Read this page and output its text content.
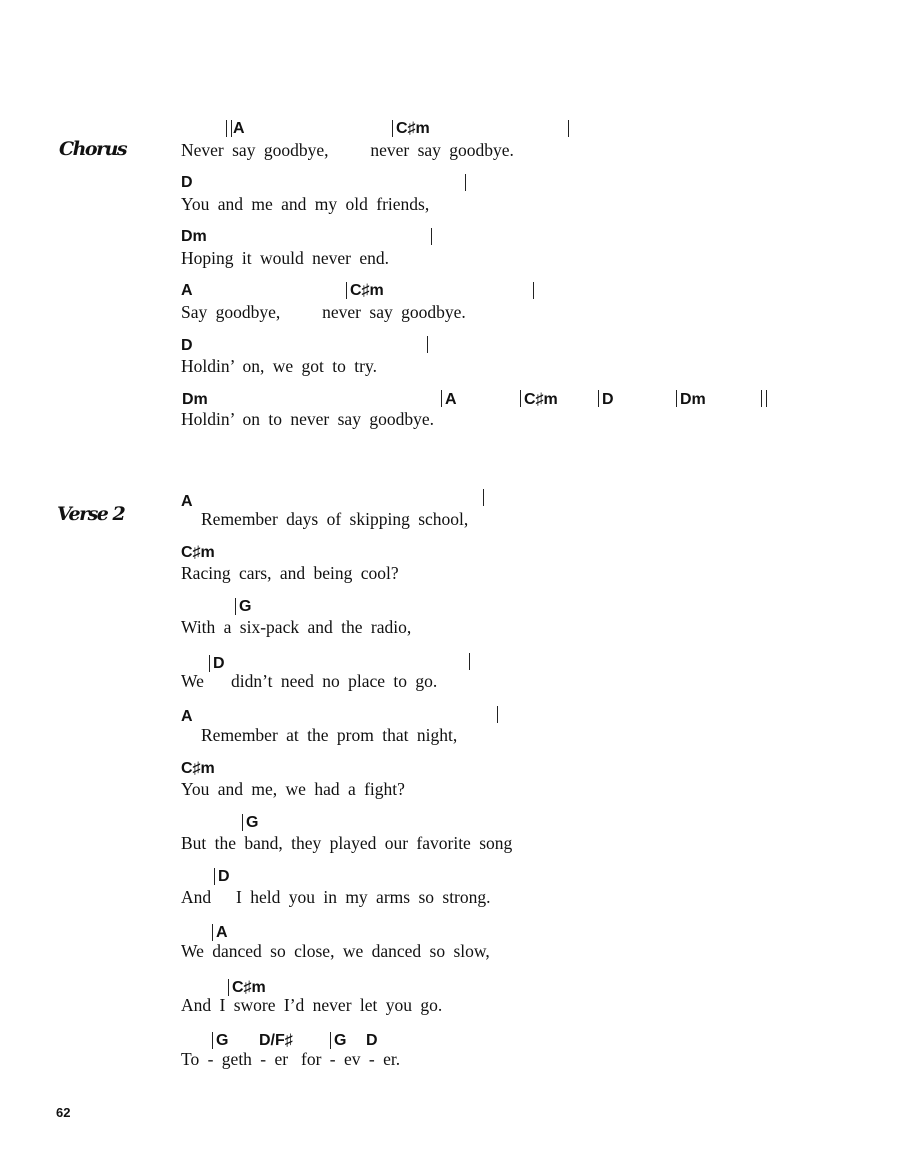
Chorus
Verse 2
A	C♯m
Never say goodbye,     never say goodbye.
D
You and me and my old friends,
Dm
Hoping it would never end.
A	C♯m
Say goodbye,     never say goodbye.
D
Holdin’ on, we got to try.
Dm	A	C♯m	D	Dm
Holdin’ on to never say goodbye.
A
Remember days of skipping school,
C♯m
Racing cars, and being cool?
G
With a six-pack and the radio,
D
We didn’t need no place to go.
A
Remember at the prom that night,
C♯m
You and me, we had a fight?
G
But the band, they played our favorite song
D
And I held you in my arms so strong.
A
We danced so close, we danced so slow,
C♯m
And I swore I’d never let you go.
G D/F♯	G D
To - geth - er for - ev - er.
62
